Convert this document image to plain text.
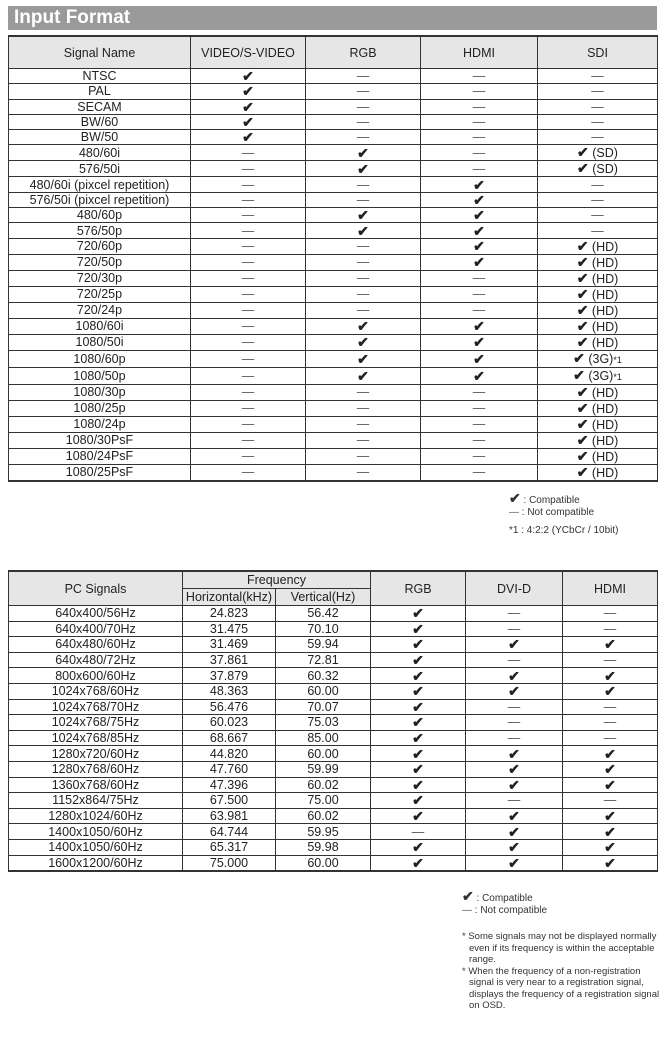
Input Format
Signal Name	VIDEO/S-VIDEO	RGB	HDMI	SDI
NTSC	✔	—	—	—
PAL	✔	—	—	—
SECAM	✔	—	—	—
BW/60	✔	—	—	—
BW/50	✔	—	—	—
480/60i	—	✔	—	✔ (SD)
576/50i	—	✔	—	✔ (SD)
480/60i (pixcel repetition)	—	—	✔	—
576/50i (pixcel repetition)	—	—	✔	—
480/60p	—	✔	✔	—
576/50p	—	✔	✔	—
720/60p	—	—	✔	✔ (HD)
720/50p	—	—	✔	✔ (HD)
720/30p	—	—	—	✔ (HD)
720/25p	—	—	—	✔ (HD)
720/24p	—	—	—	✔ (HD)
1080/60i	—	✔	✔	✔ (HD)
1080/50i	—	✔	✔	✔ (HD)
1080/60p	—	✔	✔	✔ (3G)*1
1080/50p	—	✔	✔	✔ (3G)*1
1080/30p	—	—	—	✔ (HD)
1080/25p	—	—	—	✔ (HD)
1080/24p	—	—	—	✔ (HD)
1080/30PsF	—	—	—	✔ (HD)
1080/24PsF	—	—	—	✔ (HD)
1080/25PsF	—	—	—	✔ (HD)
✔ : Compatible
— : Not compatible
*1 : 4:2:2 (YCbCr / 10bit)
PC Signals	Frequency		RGB	DVI-D	HDMI
	Horizontal(kHz)	Vertical(Hz)			
640x400/56Hz	24.823	56.42	✔	—	—
640x400/70Hz	31.475	70.10	✔	—	—
640x480/60Hz	31.469	59.94	✔	✔	✔
640x480/72Hz	37.861	72.81	✔	—	—
800x600/60Hz	37.879	60.32	✔	✔	✔
1024x768/60Hz	48.363	60.00	✔	✔	✔
1024x768/70Hz	56.476	70.07	✔	—	—
1024x768/75Hz	60.023	75.03	✔	—	—
1024x768/85Hz	68.667	85.00	✔	—	—
1280x720/60Hz	44.820	60.00	✔	✔	✔
1280x768/60Hz	47.760	59.99	✔	✔	✔
1360x768/60Hz	47.396	60.02	✔	✔	✔
1152x864/75Hz	67.500	75.00	✔	—	—
1280x1024/60Hz	63.981	60.02	✔	✔	✔
1400x1050/60Hz	64.744	59.95	—	✔	✔
1400x1050/60Hz	65.317	59.98	✔	✔	✔
1600x1200/60Hz	75.000	60.00	✔	✔	✔
✔ : Compatible
— : Not compatible
* Some signals may not be displayed normally even if its frequency is within the acceptable range.
* When the frequency of a non-registration signal is very near to a registration signal, displays the frequency of a registration signal on OSD.
